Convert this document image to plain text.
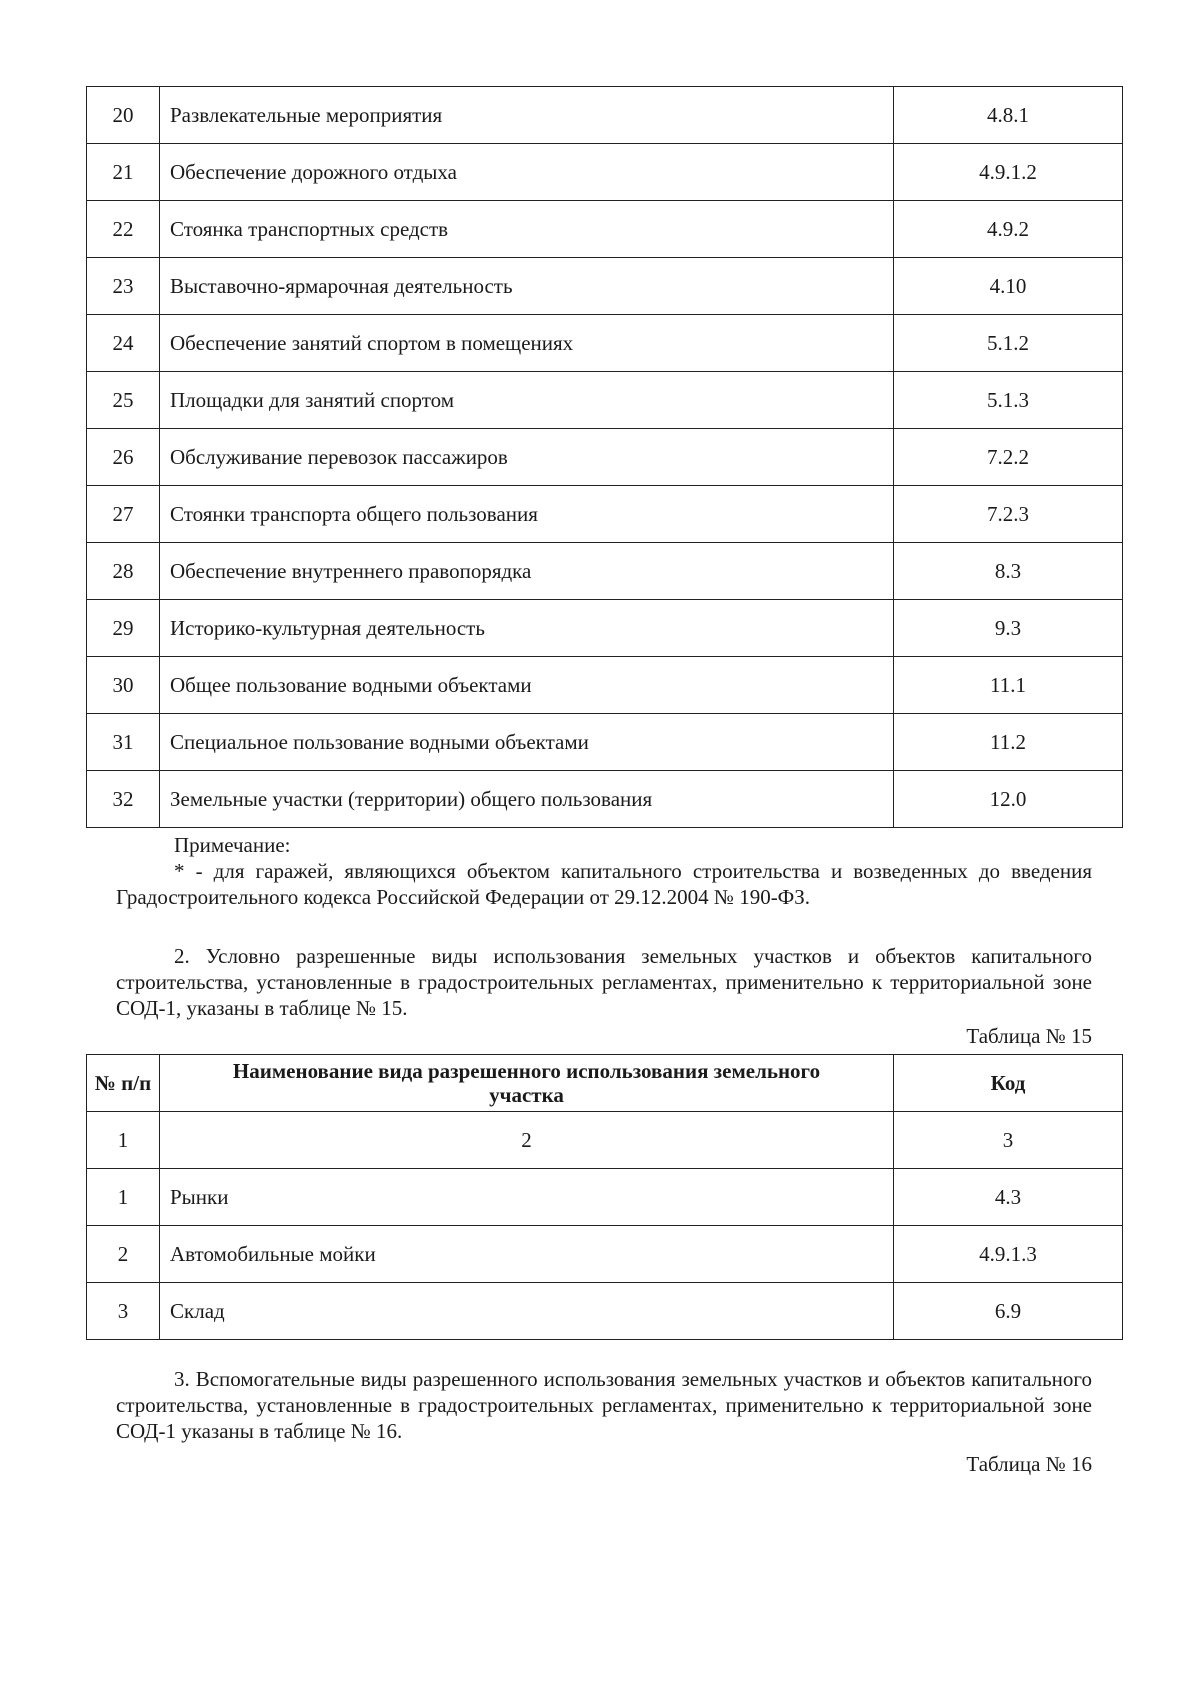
20	Развлекательные мероприятия	4.8.1
21	Обеспечение дорожного отдыха	4.9.1.2
22	Стоянка транспортных средств	4.9.2
23	Выставочно-ярмарочная деятельность	4.10
24	Обеспечение занятий спортом в помещениях	5.1.2
25	Площадки для занятий спортом	5.1.3
26	Обслуживание перевозок пассажиров	7.2.2
27	Стоянки транспорта общего пользования	7.2.3
28	Обеспечение внутреннего правопорядка	8.3
29	Историко-культурная деятельность	9.3
30	Общее пользование водными объектами	11.1
31	Специальное пользование водными объектами	11.2
32	Земельные участки (территории) общего пользования	12.0
Примечание:
* - для гаражей, являющихся объектом капитального строительства и возведенных до введения Градостроительного кодекса Российской Федерации от 29.12.2004 № 190-ФЗ.
2. Условно разрешенные виды использования земельных участков и объектов капитального строительства, установленные в градостроительных регламентах, применительно к территориальной зоне СОД-1, указаны в таблице № 15.
Таблица № 15
№ п/п	Наименование вида разрешенного использования земельного участка	Код
1	2	3
1	Рынки	4.3
2	Автомобильные мойки	4.9.1.3
3	Склад	6.9
3. Вспомогательные виды разрешенного использования земельных участков и объектов капитального строительства, установленные в градостроительных регламентах, применительно к территориальной зоне СОД-1 указаны в таблице № 16.
Таблица № 16
